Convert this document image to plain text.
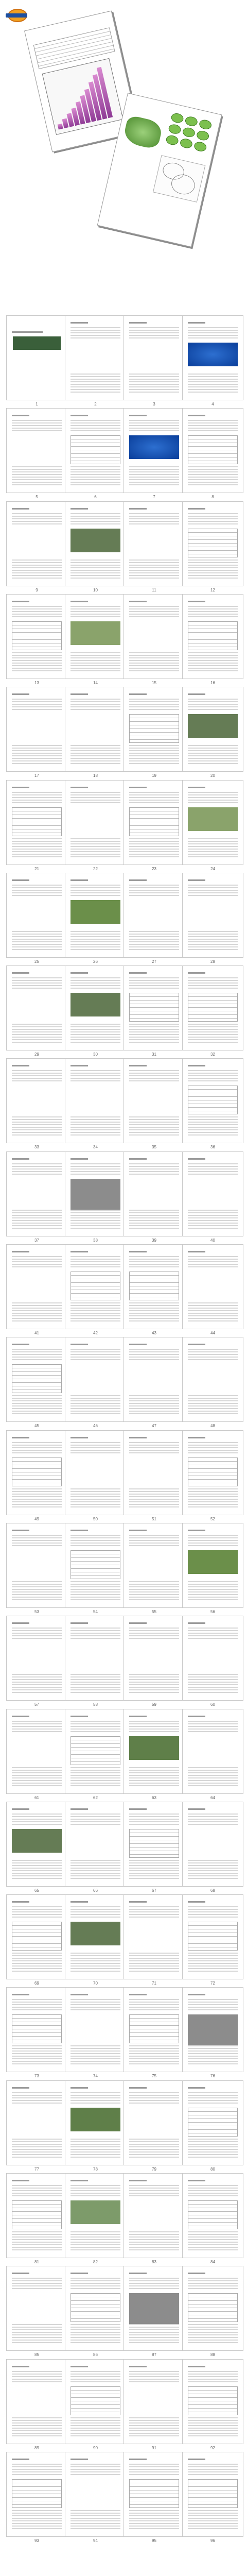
1	2	3	4
5	6	7	8
9	10	11	12
13	14	15	16
17	18	19	20
21	22	23	24
25	26	27	28
29	30	31	32
33	34	35	36
37	38	39	40
41	42	43	44
45	46	47	48
49	50	51	52
53	54	55	56
57	58	59	60
61	62	63	64
65	66	67	68
69	70	71	72
73	74	75	76
77	78	79	80
81	82	83	84
85	86	87	88
89	90	91	92
93	94	95	96
